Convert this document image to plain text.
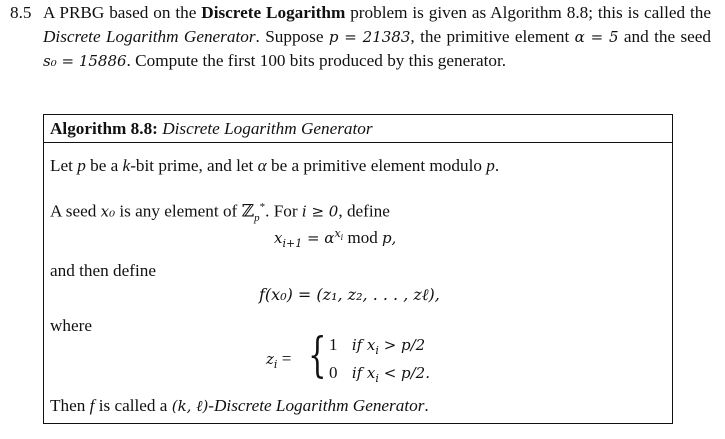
8.5 A PRBG based on the Discrete Logarithm problem is given as Algorithm 8.8; this is called the Discrete Logarithm Generator. Suppose p = 21383, the primitive element α = 5 and the seed s₀ = 15886. Compute the first 100 bits produced by this generator.
Algorithm 8.8: Discrete Logarithm Generator
Let p be a k-bit prime, and let α be a primitive element modulo p.
A seed x₀ is any element of ℤ$_p$*. For i ≥ 0, define
$x_{i+1} = \alpha^{x_i}$ mod p,
and then define
f(x₀) = (z₁, z₂, . . . , zℓ),
where
$z_i$ = { 1 if $x_i > p/2$
0 if $x_i < p/2$.
Then f is called a (k, ℓ)-Discrete Logarithm Generator.
